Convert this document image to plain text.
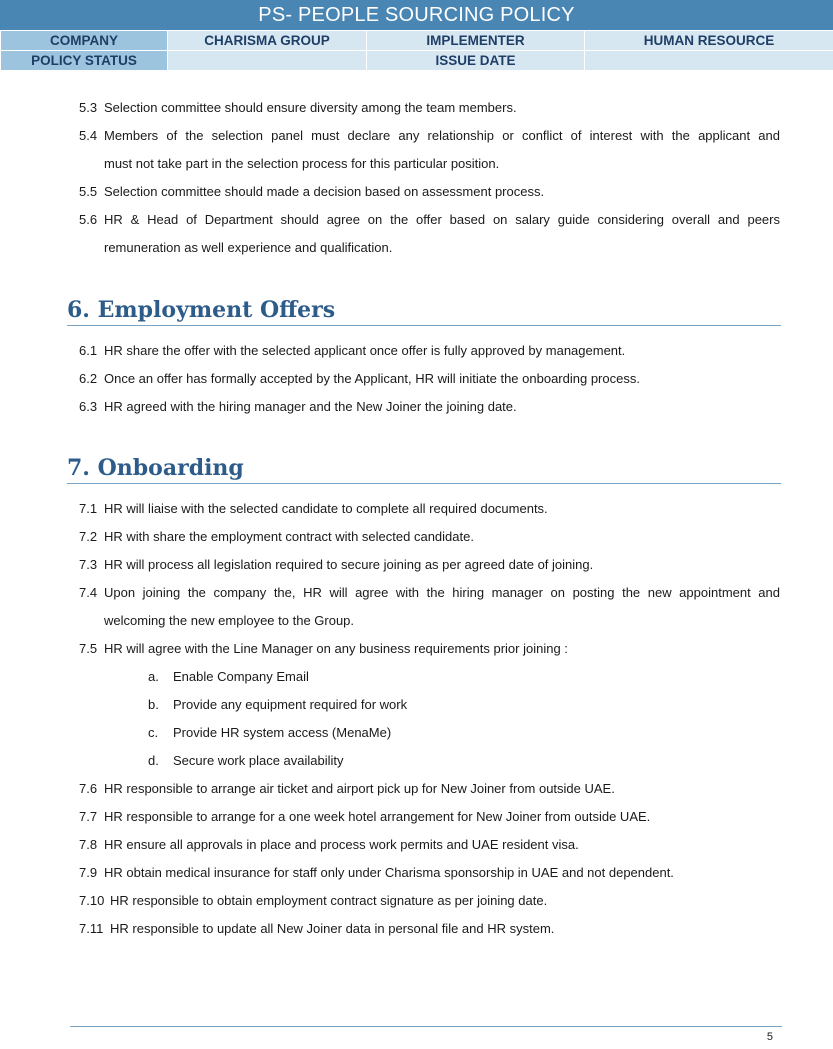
PS- PEOPLE SOURCING POLICY
COMPANY	CHARISMA GROUP	IMPLEMENTER	HUMAN RESOURCE
POLICY STATUS		ISSUE DATE	
5.3 Selection committee should ensure diversity among the team members.
5.4 Members of the selection panel must declare any relationship or conflict of interest with the applicant and
must not take part in the selection process for this particular position.
5.5 Selection committee should made a decision based on assessment process.
5.6 HR & Head of Department should agree on the offer based on salary guide considering overall and peers
remuneration as well experience and qualification.
6. Employment Offers
6.1 HR share the offer with the selected applicant once offer is fully approved by management.
6.2 Once an offer has formally accepted by the Applicant, HR will initiate the onboarding process.
6.3 HR agreed with the hiring manager and the New Joiner the joining date.
7. Onboarding
7.1 HR will liaise with the selected candidate to complete all required documents.
7.2 HR with share the employment contract with selected candidate.
7.3 HR will process all legislation required to secure joining as per agreed date of joining.
7.4 Upon joining the company the, HR will agree with the hiring manager on posting the new appointment and
welcoming the new employee to the Group.
7.5 HR will agree with the Line Manager on any business requirements prior joining :
a. Enable Company Email
b. Provide any equipment required for work
c. Provide HR system access (MenaMe)
d. Secure work place availability
7.6 HR responsible to arrange air ticket and airport pick up for New Joiner from outside UAE.
7.7 HR responsible to arrange for a one week hotel arrangement for New Joiner from outside UAE.
7.8 HR ensure all approvals in place and process work permits and UAE resident visa.
7.9 HR obtain medical insurance for staff only under Charisma sponsorship in UAE and not dependent.
7.10 HR responsible to obtain employment contract signature as per joining date.
7.11 HR responsible to update all New Joiner data in personal file and HR system.
5
